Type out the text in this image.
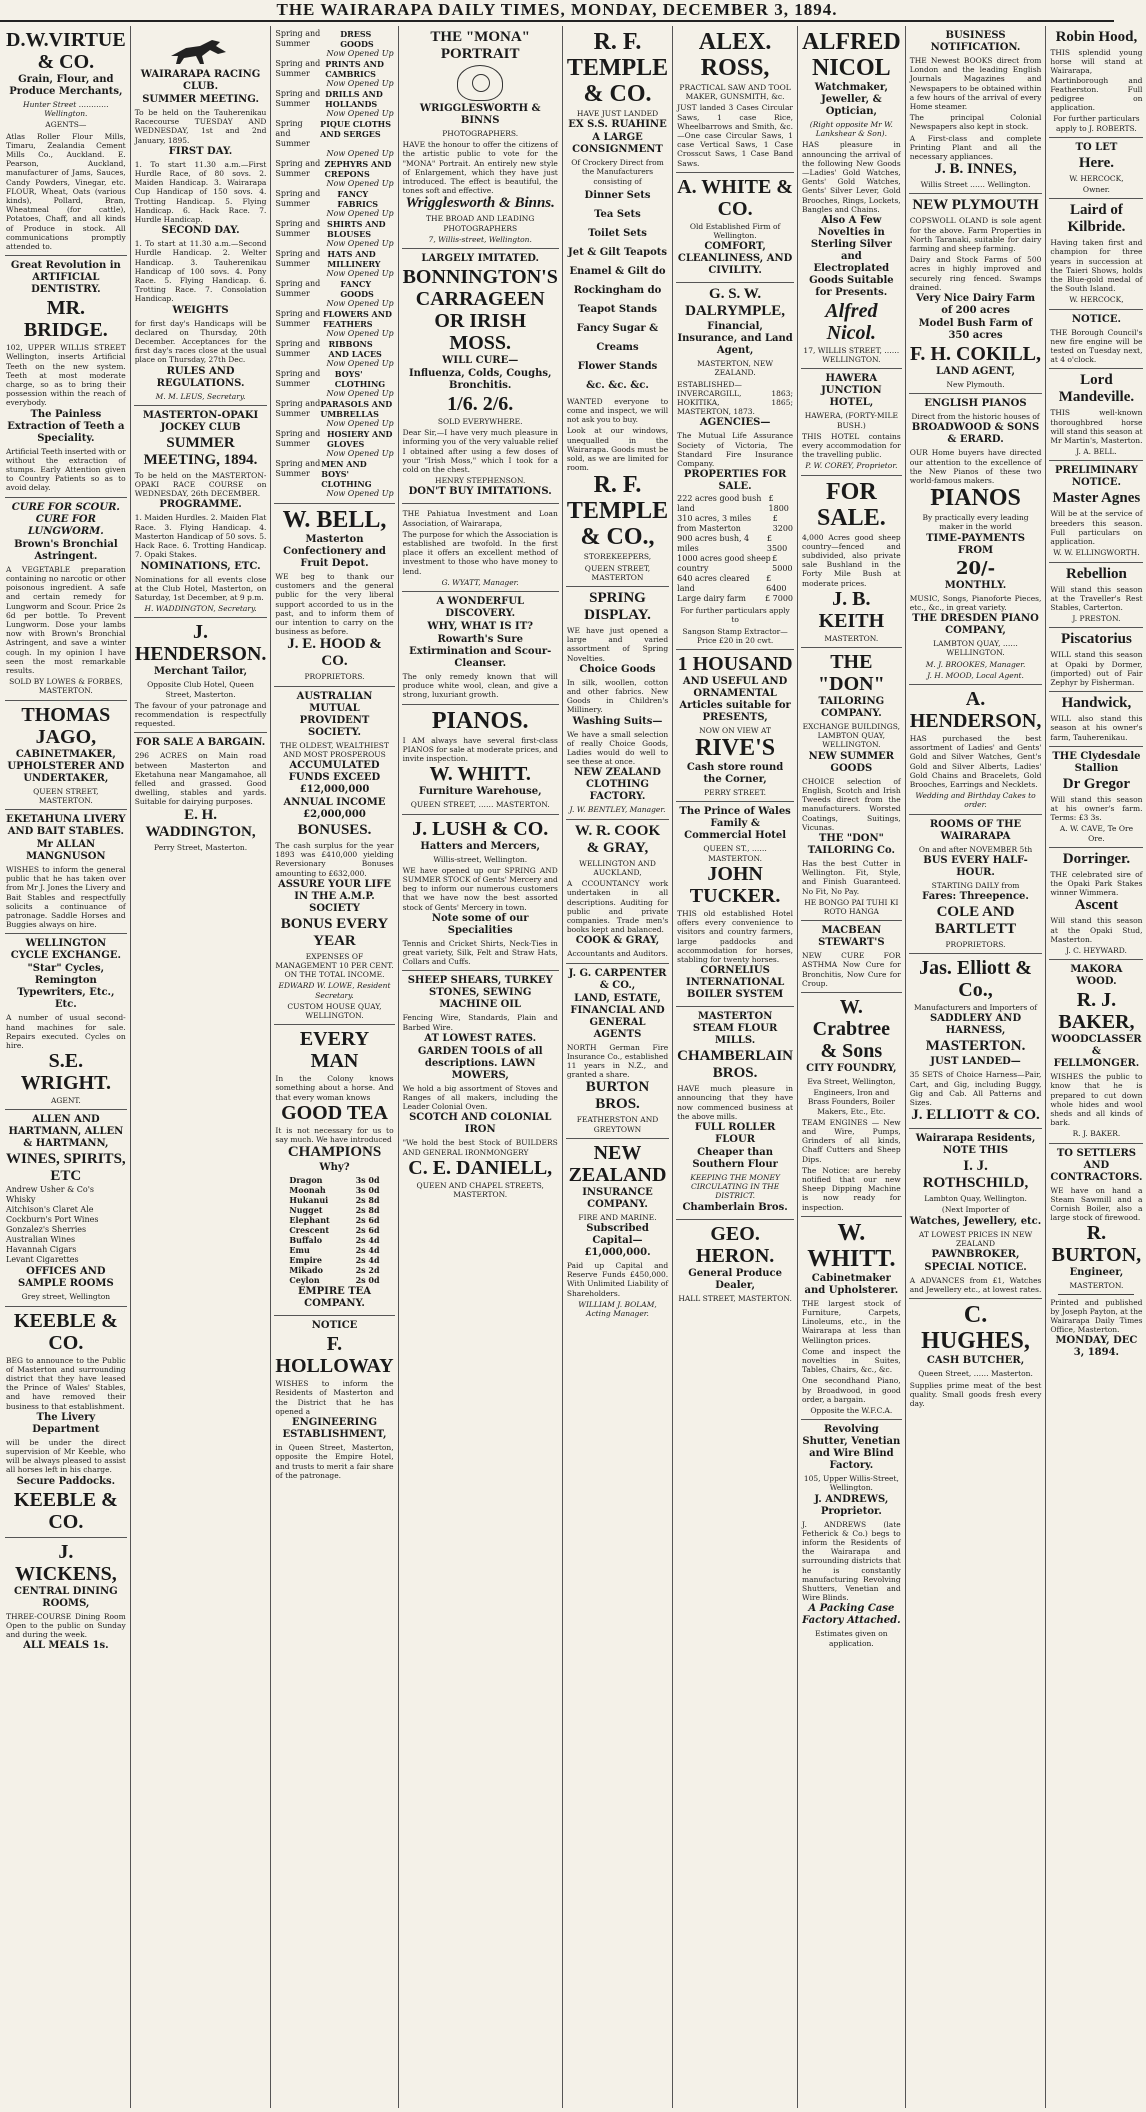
THE WAIRARAPA DAILY TIMES, MONDAY, DECEMBER 3, 1894.
D.W.VIRTUE & CO.
Grain, Flour, and Produce Merchants,

Hunter Street …………Wellington.

AGENTS—

Atlas Roller Flour Mills, Timaru, Zealandia Cement Mills Co., Auckland. E. Pearson, Auckland, manufacturer of Jams, Sauces, Candy Powders, Vinegar, etc. FLOUR, Wheat, Oats (various kinds), Pollard, Bran, Wheatmeal (for cattle), Potatoes, Chaff, and all kinds of Produce in stock. All communications promptly attended to.

Great Revolution in ARTIFICIAL DENTISTRY.
MR. BRIDGE.

102, UPPER WILLIS STREET Wellington, inserts Artificial Teeth on the new system. Teeth at most moderate charge, so as to bring their possession within the reach of everybody.

The Painless Extraction of Teeth a Speciality.

Artificial Teeth inserted with or without the extraction of stumps. Early Attention given to Country Patients so as to avoid delay.

CURE FOR SCOUR. CURE FOR LUNGWORM.
Brown's Bronchial Astringent.

A VEGETABLE preparation containing no narcotic or other poisonous ingredient. A safe and certain remedy for Lungworm and Scour. Price 2s 6d per bottle. To Prevent Lungworm. Dose your lambs now with Brown's Bronchial Astringent, and save a winter cough. In my opinion I have seen the most remarkable results.

SOLD BY LOWES & FORBES, MASTERTON.

THOMAS JAGO,
CABINETMAKER, UPHOLSTERER AND UNDERTAKER,

QUEEN STREET, MASTERTON.

EKETAHUNA LIVERY AND BAIT STABLES.
Mr ALLAN MANGNUSON

WISHES to inform the general public that he has taken over from Mr J. Jones the Livery and Bait Stables and respectfully solicits a continuance of patronage. Saddle Horses and Buggies always on hire.

WELLINGTON CYCLE EXCHANGE.
"Star" Cycles, Remington Typewriters, Etc., Etc.

A number of usual second-hand machines for sale. Repairs executed. Cycles on hire.

S.E. WRIGHT.

AGENT.

ALLEN AND HARTMANN, ALLEN & HARTMANN,
WINES, SPIRITS, ETC
Andrew Usher & Co's Whisky
Aitchison's Claret Ale
Cockburn's Port Wines
Gonzalez's Sherries
Australian Wines
Havannah Cigars
Levant Cigarettes
OFFICES AND SAMPLE ROOMS

Grey street, Wellington

KEEBLE & CO.

BEG to announce to the Public of Masterton and surrounding district that they have leased the Prince of Wales' Stables, and have removed their business to that establishment.

The Livery Department

will be under the direct supervision of Mr Keeble, who will be always pleased to assist all horses left in his charge.

Secure Paddocks.
KEEBLE & CO.
J. WICKENS,
CENTRAL DINING ROOMS,

THREE-COURSE Dining Room Open to the public on Sunday and during the week.

ALL MEALS 1s.
WAIRARAPA RACING CLUB.
SUMMER MEETING.

To be held on the Tauherenikau Racecourse TUESDAY AND WEDNESDAY, 1st and 2nd January, 1895.

FIRST DAY.

1. To start 11.30 a.m.—First Hurdle Race, of 80 sovs. 2. Maiden Handicap. 3. Wairarapa Cup Handicap of 150 sovs. 4. Trotting Handicap. 5. Flying Handicap. 6. Hack Race. 7. Hurdle Handicap.

SECOND DAY.

1. To start at 11.30 a.m.—Second Hurdle Handicap. 2. Welter Handicap. 3. Tauherenikau Handicap of 100 sovs. 4. Pony Race. 5. Flying Handicap. 6. Trotting Race. 7. Consolation Handicap.

WEIGHTS

for first day's Handicaps will be declared on Thursday, 20th December. Acceptances for the first day's races close at the usual place on Thursday, 27th Dec.

RULES AND REGULATIONS.

M. M. LEUS, Secretary.

MASTERTON-OPAKI JOCKEY CLUB
SUMMER MEETING, 1894.

To be held on the MASTERTON-OPAKI RACE COURSE on WEDNESDAY, 26th DECEMBER.

PROGRAMME.

1. Maiden Hurdles. 2. Maiden Flat Race. 3. Flying Handicap. 4. Masterton Handicap of 50 sovs. 5. Hack Race. 6. Trotting Handicap. 7. Opaki Stakes.

NOMINATIONS, ETC.

Nominations for all events close at the Club Hotel, Masterton, on Saturday, 1st December, at 9 p.m.

H. WADDINGTON, Secretary.

J. HENDERSON.
Merchant Tailor,

Opposite Club Hotel, Queen Street, Masterton.

The favour of your patronage and recommendation is respectfully requested.

FOR SALE A BARGAIN.

296 ACRES on Main road between Masterton and Eketahuna near Mangamahoe, all felled and grassed. Good dwelling, stables and yards. Suitable for dairying purposes.

E. H. WADDINGTON,

Perry Street, Masterton.

Spring and Summer
DRESS GOODS
Now Opened Up
Spring and Summer
PRINTS AND CAMBRICS
Now Opened Up
Spring and Summer
DRILLS AND HOLLANDS
Now Opened Up
Spring and Summer
PIQUE CLOTHS AND SERGES
Now Opened Up
Spring and Summer
ZEPHYRS AND CREPONS
Now Opened Up
Spring and Summer
FANCY FABRICS
Now Opened Up
Spring and Summer
SHIRTS AND BLOUSES
Now Opened Up
Spring and Summer
HATS AND MILLINERY
Now Opened Up
Spring and Summer
FANCY GOODS
Now Opened Up
Spring and Summer
FLOWERS AND FEATHERS
Now Opened Up
Spring and Summer
RIBBONS AND LACES
Now Opened Up
Spring and Summer
BOYS' CLOTHING
Now Opened Up
Spring and Summer
PARASOLS AND UMBRELLAS
Now Opened Up
Spring and Summer
HOSIERY AND GLOVES
Now Opened Up
Spring and Summer
MEN AND BOYS' CLOTHING
Now Opened Up
W. BELL,
Masterton Confectionery and Fruit Depot.

WE beg to thank our customers and the general public for the very liberal support accorded to us in the past, and to inform them of our intention to carry on the business as before.

J. E. HOOD & CO.

PROPRIETORS.

AUSTRALIAN MUTUAL PROVIDENT SOCIETY.

THE OLDEST, WEALTHIEST AND MOST PROSPEROUS

ACCUMULATED FUNDS EXCEED £12,000,000
ANNUAL INCOME £2,000,000
BONUSES.

The cash surplus for the year 1893 was £410,000 yielding Reversionary Bonuses amounting to £632,000.

ASSURE YOUR LIFE IN THE A.M.P. SOCIETY
BONUS EVERY YEAR

EXPENSES OF MANAGEMENT 10 PER CENT. ON THE TOTAL INCOME.

EDWARD W. LOWE, Resident Secretary.

CUSTOM HOUSE QUAY, WELLINGTON.

EVERY MAN

In the Colony knows something about a horse. And that every woman knows

GOOD TEA

It is not necessary for us to say much. We have introduced

CHAMPIONS
Why?
Dragon	3s 0d
Moonah	3s 0d
Hukanui	2s 8d
Nugget	2s 8d
Elephant	2s 6d
Crescent	2s 6d
Buffalo	2s 4d
Emu	2s 4d
Empire	2s 4d
Mikado	2s 2d
Ceylon	2s 0d
EMPIRE TEA COMPANY.
NOTICE
F. HOLLOWAY

WISHES to inform the Residents of Masterton and the District that he has opened a

ENGINEERING ESTABLISHMENT,

in Queen Street, Masterton, opposite the Empire Hotel, and trusts to merit a fair share of the patronage.

THE "MONA" PORTRAIT
WRIGGLESWORTH & BINNS

PHOTOGRAPHERS.

HAVE the honour to offer the citizens of the artistic public to vote for the "MONA" Portrait. An entirely new style of Enlargement, which they have just introduced. The effect is beautiful, the tones soft and effective.

Wrigglesworth & Binns.

THE BROAD AND LEADING PHOTOGRAPHERS

7, Willis-street, Wellington.

LARGELY IMITATED.
BONNINGTON'S CARRAGEEN OR IRISH MOSS.
WILL CURE—
Influenza, Colds, Coughs, Bronchitis.
1/6. 2/6.

SOLD EVERYWHERE.

Dear Sir,—I have very much pleasure in informing you of the very valuable relief I obtained after using a few doses of your "Irish Moss," which I took for a cold on the chest.

HENRY STEPHENSON.

DON'T BUY IMITATIONS.

THE Pahiatua Investment and Loan Association, of Wairarapa,

The purpose for which the Association is established are twofold. In the first place it offers an excellent method of investment to those who have money to lend.

G. WYATT, Manager.

A WONDERFUL DISCOVERY.
WHY, WHAT IS IT?
Rowarth's Sure Extirmination and Scour-Cleanser.

The only remedy known that will produce white wool, clean, and give a strong, luxuriant growth.

PIANOS.

I AM always have several first-class PIANOS for sale at moderate prices, and invite inspection.

W. WHITT.
Furniture Warehouse,

QUEEN STREET, …… MASTERTON.

J. LUSH & CO.
Hatters and Mercers,

Willis-street, Wellington.

WE have opened up our SPRING AND SUMMER STOCK of Gents' Mercery and beg to inform our numerous customers that we have now the best assorted stock of Gents' Mercery in town.

Note some of our Specialities

Tennis and Cricket Shirts, Neck-Ties in great variety, Silk, Felt and Straw Hats, Collars and Cuffs.

SHEEP SHEARS, TURKEY STONES, SEWING MACHINE OIL

Fencing Wire, Standards, Plain and Barbed Wire.

AT LOWEST RATES.
GARDEN TOOLS of all descriptions. LAWN MOWERS,

We hold a big assortment of Stoves and Ranges of all makers, including the Leader Colonial Oven.

SCOTCH AND COLONIAL IRON

"We hold the best Stock of BUILDERS AND GENERAL IRONMONGERY

C. E. DANIELL,

QUEEN AND CHAPEL STREETS, MASTERTON.

R. F. TEMPLE & CO.

HAVE JUST LANDED

EX S.S. RUAHINE
A LARGE CONSIGNMENT

Of Crockery Direct from the Manufacturers consisting of

Dinner Sets
Tea Sets
Toilet Sets
Jet & Gilt Teapots
Enamel & Gilt do
Rockingham do
Teapot Stands
Fancy Sugar & Creams
Flower Stands
&c. &c. &c.

WANTED everyone to come and inspect, we will not ask you to buy.

Look at our windows, unequalled in the Wairarapa. Goods must be sold, as we are limited for room.

R. F. TEMPLE & CO.,

STOREKEEPERS,

QUEEN STREET, MASTERTON

SPRING DISPLAY.

WE have just opened a large and varied assortment of Spring Novelties.

Choice Goods

In silk, woollen, cotton and other fabrics. New Goods in Children's Millinery.

Washing Suits—

We have a small selection of really Choice Goods, Ladies would do well to see these at once.

NEW ZEALAND CLOTHING FACTORY.

J. W. BENTLEY, Manager.

W. R. COOK & GRAY,

WELLINGTON AND AUCKLAND,

A CCOUNTANCY work undertaken in all descriptions. Auditing for public and private companies. Trade men's books kept and balanced.

COOK & GRAY,

Accountants and Auditors.

J. G. CARPENTER & CO.,
LAND, ESTATE, FINANCIAL AND GENERAL AGENTS

NORTH German Fire Insurance Co., established 11 years in N.Z., and granted a share.

BURTON BROS.

FEATHERSTON AND GREYTOWN

NEW ZEALAND
INSURANCE COMPANY.

FIRE AND MARINE.

Subscribed Capital—£1,000,000.

Paid up Capital and Reserve Funds £450,000. With Unlimited Liability of Shareholders.

WILLIAM J. BOLAM, Acting Manager.

ALEX. ROSS,

PRACTICAL SAW AND TOOL MAKER, GUNSMITH, &c.

JUST landed 3 Cases Circular Saws, 1 case Rice, Wheelbarrows and Smith, &c.—One case Circular Saws, 1 case Vertical Saws, 1 Case Crosscut Saws, 1 Case Band Saws.

A. WHITE & CO.

Old Established Firm of Wellington.

COMFORT, CLEANLINESS, AND CIVILITY.
G. S. W. DALRYMPLE,
Financial, Insurance, and Land Agent,

MASTERTON, NEW ZEALAND.

ESTABLISHED—INVERCARGILL, 1863; HOKITIKA, 1865; MASTERTON, 1873.

AGENCIES—

The Mutual Life Assurance Society of Victoria, The Standard Fire Insurance Company.

PROPERTIES FOR SALE.
222 acres good bush land
£ 1800
310 acres, 3 miles from Masterton
£ 3200
900 acres bush, 4 miles
£ 3500
1000 acres good sheep country
£ 5000
640 acres cleared land
£ 6400
Large dairy farm £ 7000

For further particulars apply to

Sangson Stamp Extractor—Price £20 in 20 cwt.

1 HOUSAND
AND USEFUL AND ORNAMENTAL Articles suitable for PRESENTS,

NOW ON VIEW AT

RIVE'S
Cash store round the Corner,

PERRY STREET.

The Prince of Wales Family & Commercial Hotel

QUEEN ST., …… MASTERTON.

JOHN TUCKER.

THIS old established Hotel offers every convenience to visitors and country farmers, large paddocks and accommodation for horses, stabling for twenty horses.

CORNELIUS INTERNATIONAL BOILER SYSTEM
MASTERTON STEAM FLOUR MILLS.
CHAMBERLAIN BROS.

HAVE much pleasure in announcing that they have now commenced business at the above mills.

FULL ROLLER FLOUR
Cheaper than Southern Flour

KEEPING THE MONEY CIRCULATING IN THE DISTRICT.

Chamberlain Bros.
GEO. HERON.
General Produce Dealer,

HALL STREET, MASTERTON.

ALFRED NICOL
Watchmaker, Jeweller, & Optician,

(Right opposite Mr W. Lankshear & Son).

HAS pleasure in announcing the arrival of the following New Goods—Ladies' Gold Watches, Gents' Gold Watches, Gents' Silver Lever, Gold Brooches, Rings, Lockets, Bangles and Chains.

Also A Few Novelties in Sterling Silver and Electroplated Goods Suitable for Presents.
Alfred Nicol.

17, WILLIS STREET, …… WELLINGTON.

HAWERA JUNCTION HOTEL,

HAWERA, (FORTY-MILE BUSH.)

THIS HOTEL contains every accommodation for the travelling public.

P. W. COREY, Proprietor.

FOR SALE.

4,000 Acres good sheep country—fenced and subdivided, also private sale Bushland in the Forty Mile Bush at moderate prices.

J. B. KEITH

MASTERTON.

THE "DON"
TAILORING COMPANY.

EXCHANGE BUILDINGS, LAMBTON QUAY, WELLINGTON.

NEW SUMMER GOODS

CHOICE selection of English, Scotch and Irish Tweeds direct from the manufacturers. Worsted Coatings, Suitings, Vicunas.

THE "DON" TAILORING Co.

Has the best Cutter in Wellington. Fit, Style, and Finish Guaranteed. No Fit, No Pay.

HE BONGO PAI TUHI KI ROTO HANGA

MACBEAN STEWART'S

NEW CURE FOR ASTHMA Now Cure for Bronchitis, Now Cure for Croup.

W. Crabtree & Sons
CITY FOUNDRY,

Eva Street, Wellington,

Engineers, Iron and Brass Founders, Boiler Makers, Etc., Etc.

TEAM ENGINES — New and Wire, Pumps, Grinders of all kinds, Chaff Cutters and Sheep Dips.

The Notice: are hereby notified that our new Sheep Dipping Machine is now ready for inspection.

W. WHITT.
Cabinetmaker and Upholsterer.

THE largest stock of Furniture, Carpets, Linoleums, etc., in the Wairarapa at less than Wellington prices.

Come and inspect the novelties in Suites, Tables, Chairs, &c., &c.

One secondhand Piano, by Broadwood, in good order, a bargain.

Opposite the W.F.C.A.

Revolving Shutter, Venetian and Wire Blind Factory.

105, Upper Willis-Street, Wellington.

J. ANDREWS, Proprietor.

J. ANDREWS (late Fetherick & Co.) begs to inform the Residents of the Wairarapa and surrounding districts that he is constantly manufacturing Revolving Shutters, Venetian and Wire Blinds.

A Packing Case Factory Attached.

Estimates given on application.

BUSINESS NOTIFICATION.

THE Newest BOOKS direct from London and the leading English Journals Magazines and Newspapers to be obtained within a few hours of the arrival of every Home steamer.

The principal Colonial Newspapers also kept in stock.

A First-class and complete Printing Plant and all the necessary appliances.

J. B. INNES,

Willis Street …… Wellington.

NEW PLYMOUTH

COPSWOLL OLAND is sole agent for the above. Farm Properties in North Taranaki, suitable for dairy farming and sheep farming.

Dairy and Stock Farms of 500 acres in highly improved and securely ring fenced. Swamps drained.

Very Nice Dairy Farm of 200 acres
Model Bush Farm of 350 acres
F. H. COKILL,
LAND AGENT,

New Plymouth.

ENGLISH PIANOS

Direct from the historic houses of

BROADWOOD & SONS & ERARD.

OUR Home buyers have directed our attention to the excellence of the New Pianos of these two world-famous makers.

PIANOS

By practically every leading maker in the world

TIME-PAYMENTS FROM
20/-
MONTHLY.

MUSIC, Songs, Pianoforte Pieces, etc., &c., in great variety.

THE DRESDEN PIANO COMPANY,

LAMBTON QUAY, …… WELLINGTON.

M. J. BROOKES, Manager.

J. H. MOOD, Local Agent.

A. HENDERSON,

HAS purchased the best assortment of Ladies' and Gents' Gold and Silver Watches, Gent's Gold and Silver Alberts, Ladies' Gold Chains and Bracelets, Gold Brooches, Earrings and Necklets.

Wedding and Birthday Cakes to order.

ROOMS OF THE WAIRARAPA

On and after NOVEMBER 5th

BUS EVERY HALF-HOUR.

STARTING DAILY from

Fares: Threepence.
COLE AND BARTLETT

PROPRIETORS.

Jas. Elliott & Co.,

Manufacturers and Importers of

SADDLERY AND HARNESS,
MASTERTON.
JUST LANDED—

35 SETS of Choice Harness—Pair, Cart, and Gig, including Buggy, Gig and Cab. All Patterns and Sizes.

J. ELLIOTT & CO.
Wairarapa Residents, NOTE THIS
I. J. ROTHSCHILD,

Lambton Quay, Wellington.

(Next Importer of

Watches, Jewellery, etc.

AT LOWEST PRICES IN NEW ZEALAND

PAWNBROKER,
SPECIAL NOTICE.

A ADVANCES from £1, Watches and Jewellery etc., at lowest rates.

C. HUGHES,
CASH BUTCHER,

Queen Street, …… Masterton.

Supplies prime meat of the best quality. Small goods fresh every day.

Robin Hood,

THIS splendid young horse will stand at Wairarapa, Martinborough and Featherston. Full pedigree on application.

For further particulars apply to J. ROBERTS.

TO LET
Here.

W. HERCOCK,

Owner.

Laird of Kilbride.

Having taken first and champion for three years in succession at the Taieri Shows, holds the Blue-gold medal of the South Island.

W. HERCOCK,

NOTICE.

THE Borough Council's new fire engine will be tested on Tuesday next, at 4 o'clock.

Lord Mandeville.

THIS well-known thoroughbred horse will stand this season at Mr Martin's, Masterton.

J. A. BELL.

PRELIMINARY NOTICE.
Master Agnes

Will be at the service of breeders this season. Full particulars on application.

W. W. ELLINGWORTH.

Rebellion

Will stand this season at the Traveller's Rest Stables, Carterton.

J. PRESTON.

Piscatorius

WILL stand this season at Opaki by Dormer, (imported) out of Fair Zephyr by Fisherman.

Handwick,

WILL also stand this season at his owner's farm, Tauherenikau.

THE Clydesdale Stallion
Dr Gregor

Will stand this season at his owner's farm. Terms: £3 3s.

A. W. CAVE, Te Ore Ore.

Dorringer.

THE celebrated sire of the Opaki Park Stakes winner Wimmera.

Ascent

Will stand this season at the Opaki Stud, Masterton.

J. C. HEYWARD.

MAKORA WOOD.
R. J. BAKER,
WOODCLASSER & FELLMONGER.

WISHES the public to know that he is prepared to cut down whole hides and wool sheds and all kinds of bark.

R. J. BAKER.

TO SETTLERS AND CONTRACTORS.

WE have on hand a Steam Sawmill and a Cornish Boiler, also a large stock of firewood.

R. BURTON,
Engineer,

MASTERTON.

Printed and published by Joseph Payton, at the Wairarapa Daily Times Office, Masterton.

MONDAY, DEC 3, 1894.
